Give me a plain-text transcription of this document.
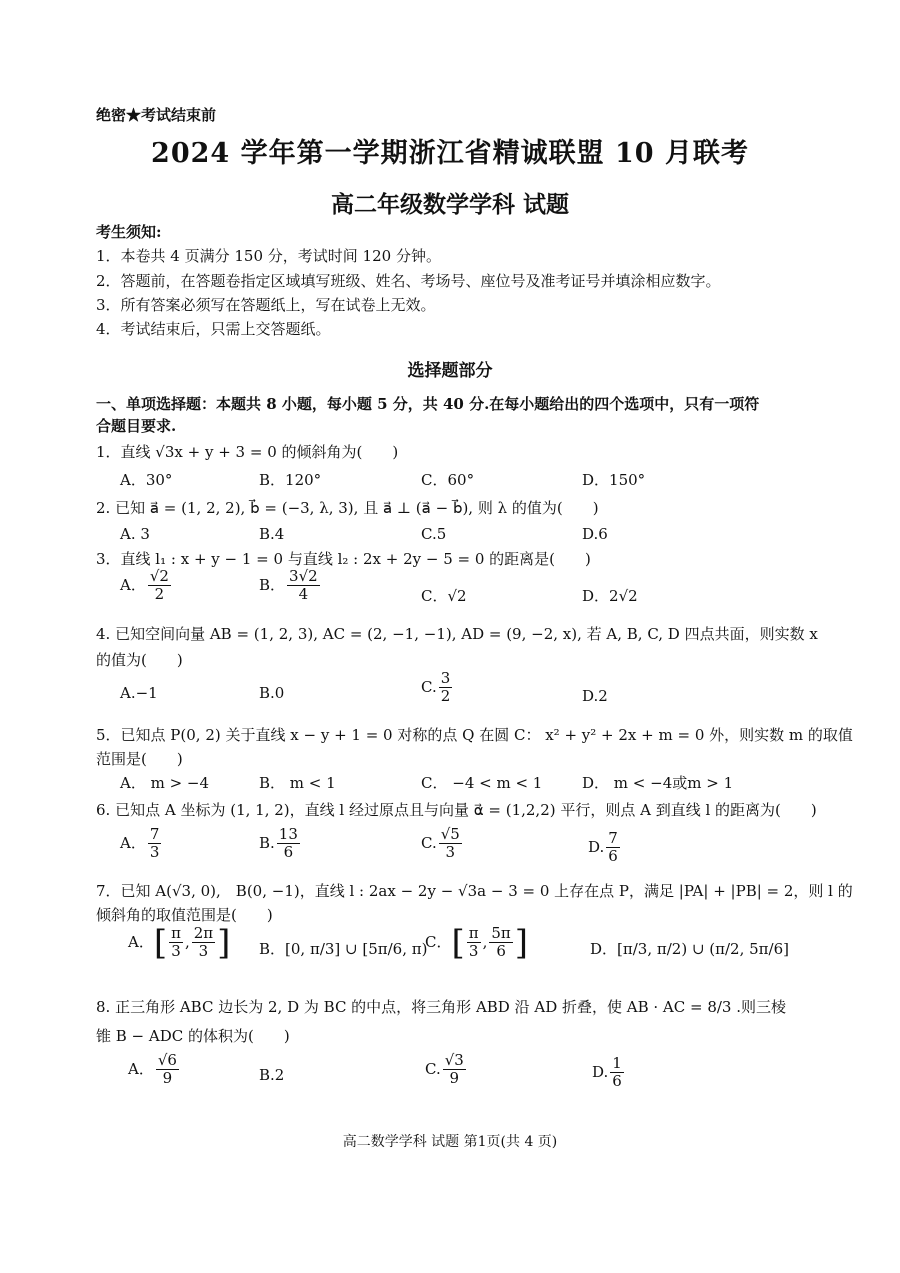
绝密★考试结束前
2024 学年第一学期浙江省精诚联盟 10 月联考
高二年级数学学科 试题
考生须知:
1．本卷共 4 页满分 150 分，考试时间 120 分钟。
2．答题前，在答题卷指定区域填写班级、姓名、考场号、座位号及准考证号并填涂相应数字。
3．所有答案必须写在答题纸上，写在试卷上无效。
4．考试结束后，只需上交答题纸。
选择题部分
一、单项选择题：本题共 8 小题，每小题 5 分，共 40 分.在每小题给出的四个选项中，只有一项符
合题目要求.
1．直线 √3x + y + 3 = 0 的倾斜角为(　　)
A．30°	B．120°	C．60°	D．150°
2. 已知 a⃗ = (1, 2, 2), b⃗ = (−3, λ, 3), 且 a⃗ ⊥ (a⃗ − b⃗), 则 λ 的值为(　　)
A. 3	B.4	C.5	D.6
3．直线 l₁ : x + y − 1 = 0 与直线 l₂ : 2x + 2y − 5 = 0 的距离是(　　)
A． $\frac{√2}{2}$	B． $\frac{3√2}{4}$	C．√2	D．2√2
4. 已知空间向量 AB = (1, 2, 3), AC = (2, −1, −1), AD = (9, −2, x), 若 A, B, C, D 四点共面，则实数 x
的值为(　　)
A.−1	B.0	C. $\frac{3}{2}$	D.2
5．已知点 P(0, 2) 关于直线 x − y + 1 = 0 对称的点 Q 在圆 C： x² + y² + 2x + m = 0 外，则实数 m 的取值
范围是(　　)
A． m > −4	B． m < 1	C． −4 < m < 1	D． m < −4或m > 1
6. 已知点 A 坐标为 (1, 1, 2)，直线 l 经过原点且与向量 α⃗ = (1,2,2) 平行，则点 A 到直线 l 的距离为(　　)
A． $\frac{7}{3}$	B. $\frac{13}{6}$	C. $\frac{√5}{3}$	D. $\frac{7}{6}$
7．已知 A(√3, 0),　B(0, −1)，直线 l : 2ax − 2y − √3a − 3 = 0 上存在点 P，满足 |PA| + |PB| = 2，则 l 的
倾斜角的取值范围是(　　)
A．[ $\frac{\pi}{3}$ , $\frac{2\pi}{3}$ ] B．[0, π/3] ∪ [5π/6, π)
C．[ $\frac{\pi}{3}$ , $\frac{5\pi}{6}$ ]	D．[π/3, π/2) ∪ (π/2, 5π/6]
8. 正三角形 ABC 边长为 2, D 为 BC 的中点，将三角形 ABD 沿 AD 折叠，使 AB · AC = 8/3 .则三棱
锥 B − ADC 的体积为(　　)
A． $\frac{√6}{9}$	B.2	C. $\frac{√3}{9}$	D. $\frac{1}{6}$
高二数学学科 试题 第1页(共 4 页)
